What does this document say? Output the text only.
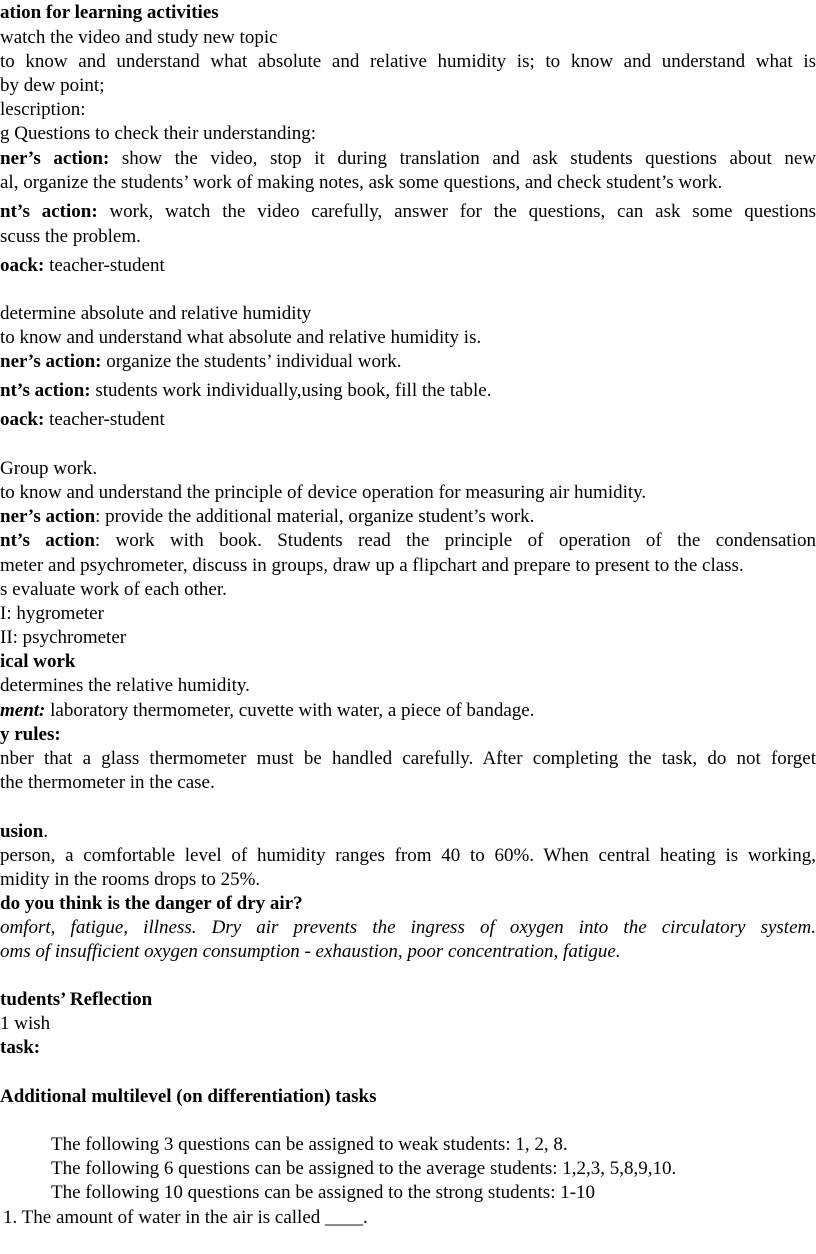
ation for learning activities
watch the video and study new topic
to know and understand what absolute and relative humidity is; to know and understand what is
by dew point;
lescription:
g Questions to check their understanding:
ner’s action: show the video, stop it during translation and ask students questions about new
al, organize the students’ work of making notes, ask some questions, and check student’s work.
nt’s action: work, watch the video carefully, answer for the questions, can ask some questions
scuss the problem.
oack: teacher-student
determine absolute and relative humidity
to know and understand what absolute and relative humidity is.
ner’s action: organize the students’ individual work.
nt’s action: students work individually,using book, fill the table.
oack: teacher-student
Group work.
to know and understand the principle of device operation for measuring air humidity.
ner’s action: provide the additional material, organize student’s work.
nt’s action: work with book. Students read the principle of operation of the condensation
meter and psychrometer, discuss in groups, draw up a flipchart and prepare to present to the class.
s evaluate work of each other.
I: hygrometer
II: psychrometer
ical work
determines the relative humidity.
ment: laboratory thermometer, cuvette with water, a piece of bandage.
y rules:
nber that a glass thermometer must be handled carefully. After completing the task, do not forget
the thermometer in the case.
usion.
person, a comfortable level of humidity ranges from 40 to 60%. When central heating is working,
midity in the rooms drops to 25%.
do you think is the danger of dry air?
omfort, fatigue, illness. Dry air prevents the ingress of oxygen into the circulatory system.
oms of insufficient oxygen consumption - exhaustion, poor concentration, fatigue.
tudents’ Reflection
1 wish
task:
Additional multilevel (on differentiation) tasks
The following 3 questions can be assigned to weak students: 1, 2, 8.
The following 6 questions can be assigned to the average students: 1,2,3, 5,8,9,10.
The following 10 questions can be assigned to the strong students: 1-10
1. The amount of water in the air is called ____.
